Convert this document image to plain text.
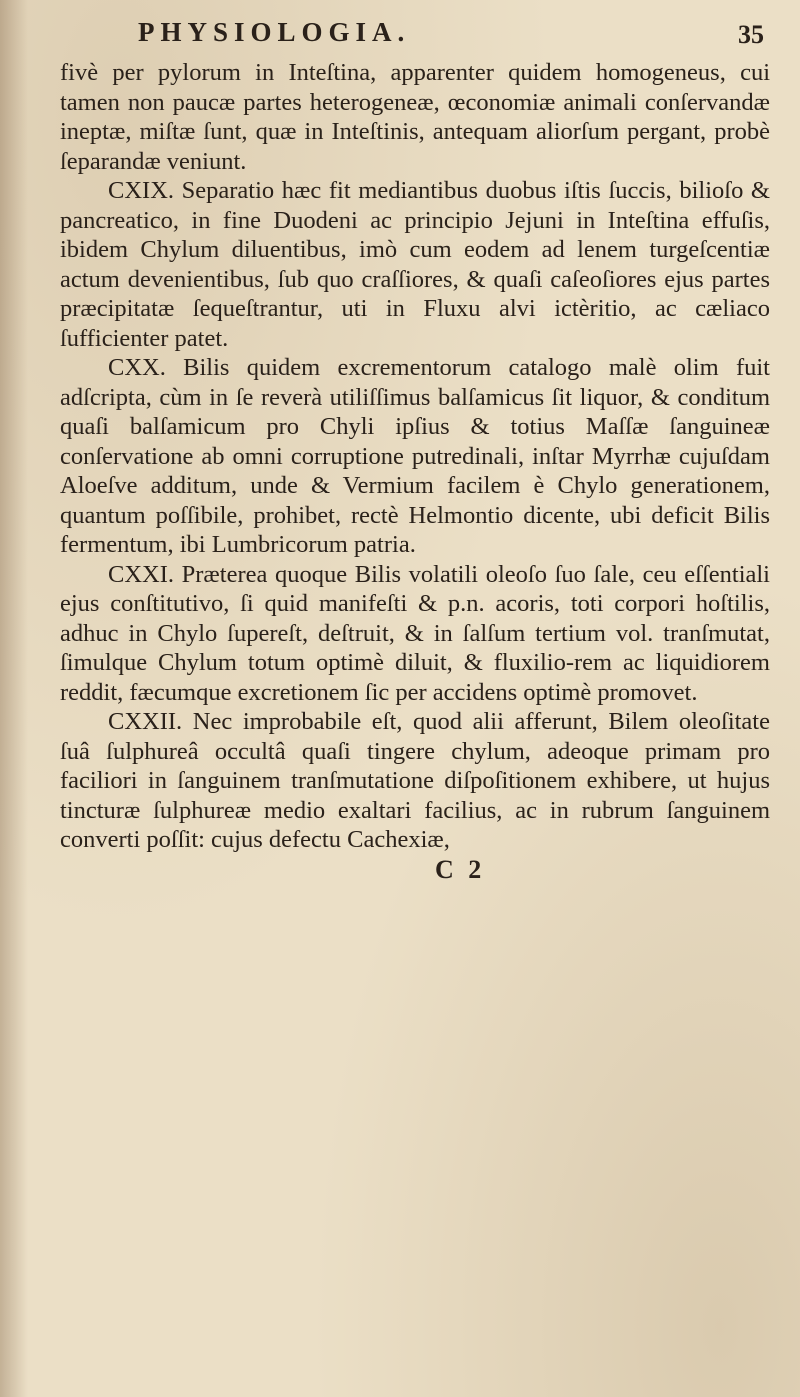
PHYSIOLOGIA.	35

fivè per pylorum in Inteſtina, apparenter quidem homogeneus, cui tamen non paucæ partes heterogeneæ, œconomiæ animali conſervandæ ineptæ, miſtæ ſunt, quæ in Inteſtinis, antequam aliorſum pergant, probè ſeparandæ veniunt.

CXIX. Separatio hæc fit mediantibus duobus iſtis ſuccis, bilioſo & pancreatico, in fine Duodeni ac principio Jejuni in Inteſtina effuſis, ibidem Chylum diluentibus, imò cum eodem ad lenem turgeſcentiæ actum devenientibus, ſub quo craſſiores, & quaſi caſeoſiores ejus partes præcipitatæ ſequeſtrantur, uti in Fluxu alvi ictèritio, ac cæliaco ſufficienter patet.

CXX. Bilis quidem excrementorum catalogo malè olim fuit adſcripta, cùm in ſe reverà utiliſſimus balſamicus ſit liquor, & conditum quaſi balſamicum pro Chyli ipſius & totius Maſſæ ſanguineæ conſervatione ab omni corruptione putredinali, inſtar Myrrhæ cujuſdam Aloeſve additum, unde & Vermium facilem è Chylo generationem, quantum poſſibile, prohibet, rectè Helmontio dicente, ubi deficit Bilis fermentum, ibi Lumbricorum patria.

CXXI. Præterea quoque Bilis volatili oleoſo ſuo ſale, ceu eſſentiali ejus conſtitutivo, ſi quid manifeſti & p.n. acoris, toti corpori hoſtilis, adhuc in Chylo ſupereſt, deſtruit, & in ſalſum tertium vol. tranſmutat, ſimulque Chylum totum optimè diluit, & fluxilio-rem ac liquidiorem reddit, fæcumque excretionem ſic per accidens optimè promovet.

CXXII. Nec improbabile eſt, quod alii afferunt, Bilem oleoſitate ſuâ ſulphureâ occultâ quaſi tingere chylum, adeoque primam pro faciliori in ſanguinem tranſmutatione diſpoſitionem exhibere, ut hujus tincturæ ſulphureæ medio exaltari facilius, ac in rubrum ſanguinem converti poſſit: cujus defectu Cachexiæ,

C 2
